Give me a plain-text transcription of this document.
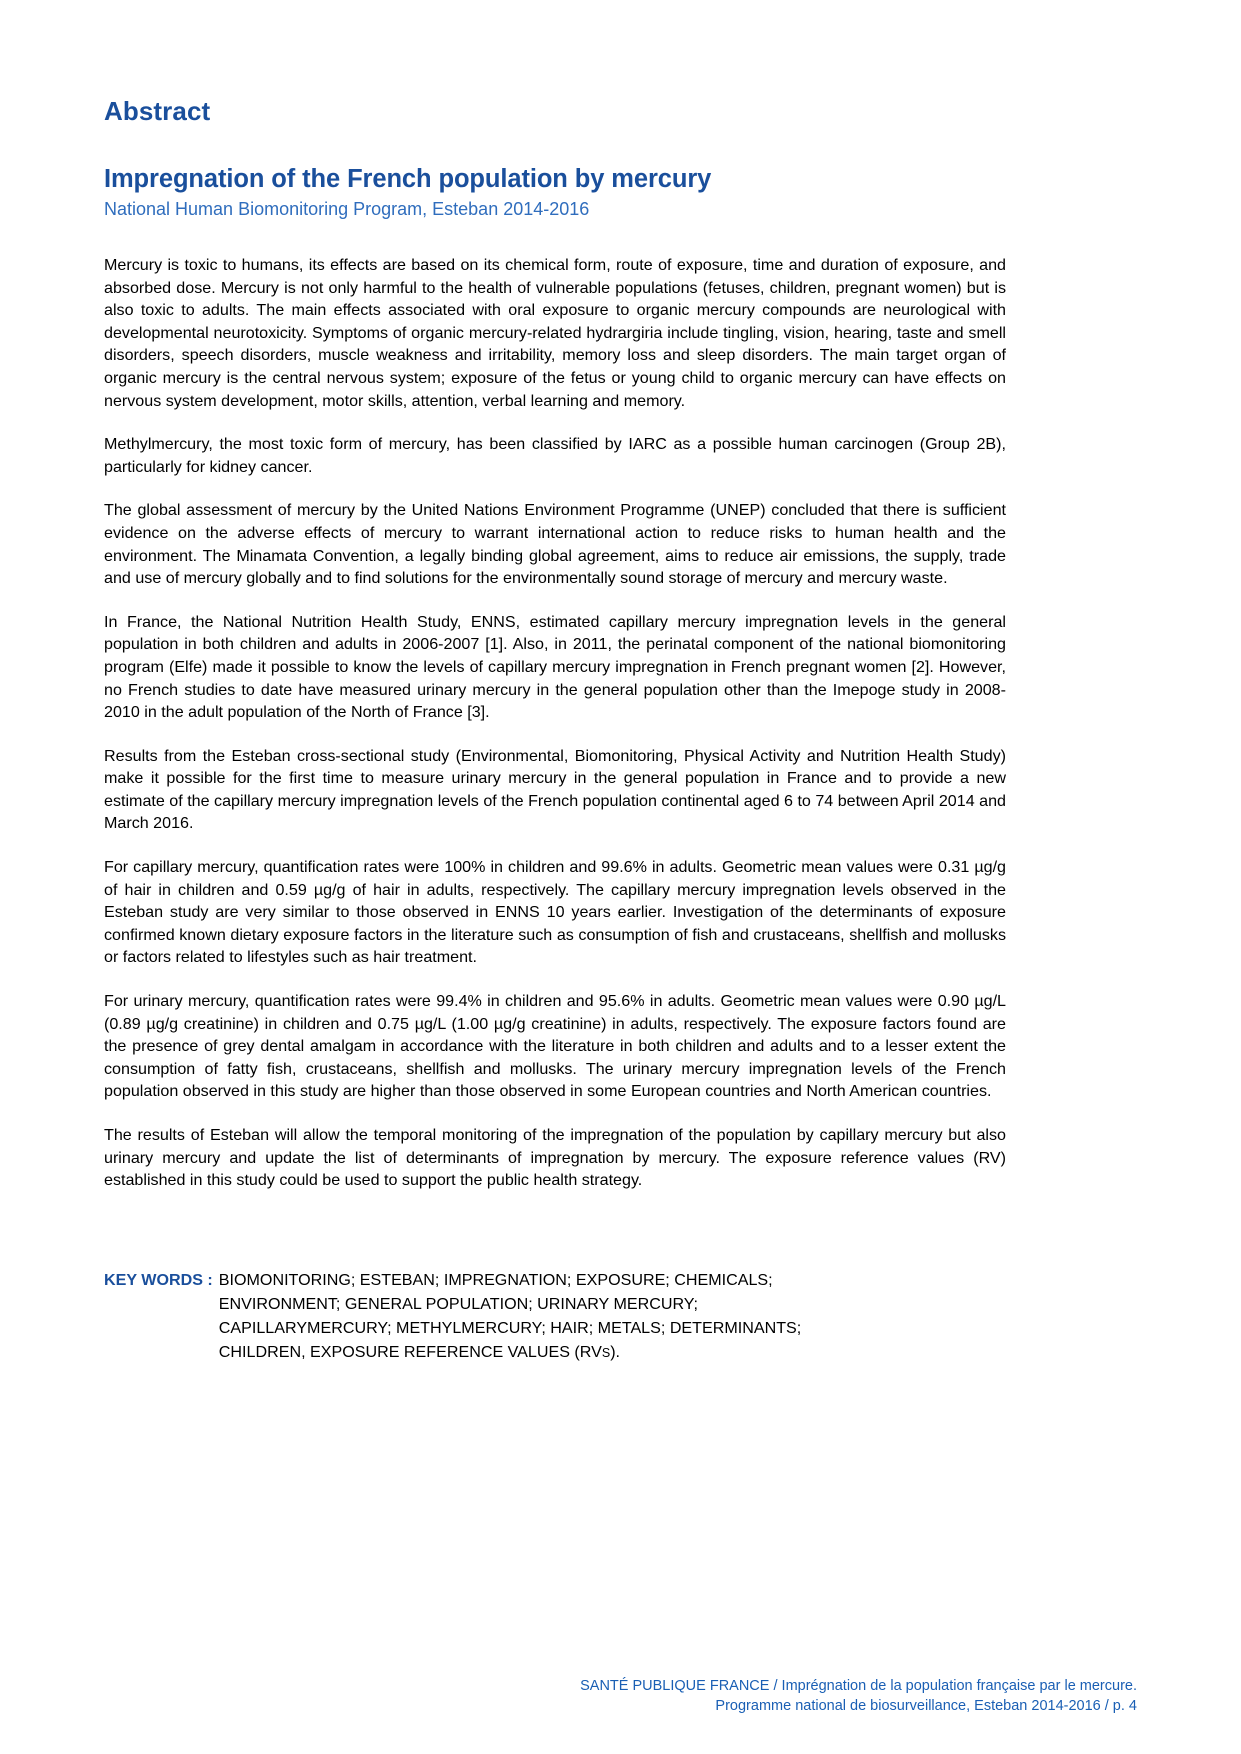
Abstract
Impregnation of the French population by mercury
National Human Biomonitoring Program, Esteban 2014-2016

Mercury is toxic to humans, its effects are based on its chemical form, route of exposure, time and duration of exposure, and absorbed dose. Mercury is not only harmful to the health of vulnerable populations (fetuses, children, pregnant women) but is also toxic to adults. The main effects associated with oral exposure to organic mercury compounds are neurological with developmental neurotoxicity. Symptoms of organic mercury-related hydrargiria include tingling, vision, hearing, taste and smell disorders, speech disorders, muscle weakness and irritability, memory loss and sleep disorders. The main target organ of organic mercury is the central nervous system; exposure of the fetus or young child to organic mercury can have effects on nervous system development, motor skills, attention, verbal learning and memory.

Methylmercury, the most toxic form of mercury, has been classified by IARC as a possible human carcinogen (Group 2B), particularly for kidney cancer.

The global assessment of mercury by the United Nations Environment Programme (UNEP) concluded that there is sufficient evidence on the adverse effects of mercury to warrant international action to reduce risks to human health and the environment. The Minamata Convention, a legally binding global agreement, aims to reduce air emissions, the supply, trade and use of mercury globally and to find solutions for the environmentally sound storage of mercury and mercury waste.

In France, the National Nutrition Health Study, ENNS, estimated capillary mercury impregnation levels in the general population in both children and adults in 2006-2007 [1]. Also, in 2011, the perinatal component of the national biomonitoring program (Elfe) made it possible to know the levels of capillary mercury impregnation in French pregnant women [2]. However, no French studies to date have measured urinary mercury in the general population other than the Imepoge study in 2008-2010 in the adult population of the North of France [3].

Results from the Esteban cross-sectional study (Environmental, Biomonitoring, Physical Activity and Nutrition Health Study) make it possible for the first time to measure urinary mercury in the general population in France and to provide a new estimate of the capillary mercury impregnation levels of the French population continental aged 6 to 74 between April 2014 and March 2016.

For capillary mercury, quantification rates were 100% in children and 99.6% in adults. Geometric mean values were 0.31 µg/g of hair in children and 0.59 µg/g of hair in adults, respectively. The capillary mercury impregnation levels observed in the Esteban study are very similar to those observed in ENNS 10 years earlier. Investigation of the determinants of exposure confirmed known dietary exposure factors in the literature such as consumption of fish and crustaceans, shellfish and mollusks or factors related to lifestyles such as hair treatment.

For urinary mercury, quantification rates were 99.4% in children and 95.6% in adults. Geometric mean values were 0.90 µg/L (0.89 µg/g creatinine) in children and 0.75 µg/L (1.00 µg/g creatinine) in adults, respectively. The exposure factors found are the presence of grey dental amalgam in accordance with the literature in both children and adults and to a lesser extent the consumption of fatty fish, crustaceans, shellfish and mollusks. The urinary mercury impregnation levels of the French population observed in this study are higher than those observed in some European countries and North American countries.

The results of Esteban will allow the temporal monitoring of the impregnation of the population by capillary mercury but also urinary mercury and update the list of determinants of impregnation by mercury. The exposure reference values (RV) established in this study could be used to support the public health strategy.

KEY WORDS : BIOMONITORING; ESTEBAN; IMPREGNATION; EXPOSURE; CHEMICALS;
ENVIRONMENT; GENERAL POPULATION; URINARY MERCURY;
CAPILLARYMERCURY; METHYLMERCURY; HAIR; METALS; DETERMINANTS;
CHILDREN, EXPOSURE REFERENCE VALUES (RVS).
SANTÉ PUBLIQUE FRANCE / Imprégnation de la population française par le mercure.
Programme national de biosurveillance, Esteban 2014-2016 / p. 4
